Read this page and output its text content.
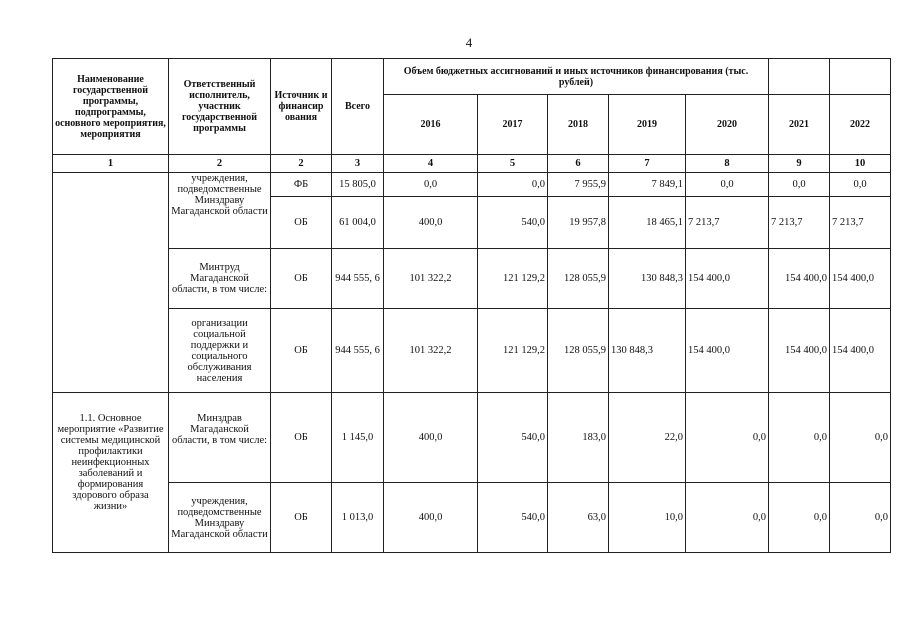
4
Наименование государственной программы, подпрограммы, основного мероприятия, мероприятия	Ответственный исполнитель, участник государственной программы	Источник и финансир ования	Всего	Объем бюджетных ассигнований и иных источников финансирования (тыс. рублей)						
				2016	2017	2018	2019	2020	2021	2022
1	2	2	3	4	5	6	7	8	9	10
	учреждения, подведомственные Минздраву Магаданской области	ФБ	15 805,0	0,0	0,0	7 955,9	7 849,1	0,0	0,0	0,0
		ОБ	61 004,0	400,0	540,0	19 957,8	18 465,1	7 213,7	7 213,7	7 213,7
	Минтруд Магаданской области, в том числе:	ОБ	944 555, 6	101 322,2	121 129,2	128 055,9	130 848,3	154 400,0	154 400,0	154 400,0
	организации социальной поддержки и социального обслуживания населения	ОБ	944 555, 6	101 322,2	121 129,2	128 055,9	130 848,3	154 400,0	154 400,0	154 400,0
1.1. Основное мероприятие «Развитие системы медицинской профилактики неинфекционных заболеваний и формирования здорового образа жизни»	Минздрав Магаданской области, в том числе:	ОБ	1 145,0	400,0	540,0	183,0	22,0	0,0	0,0	0,0
	учреждения, подведомственные Минздраву Магаданской области	ОБ	1 013,0	400,0	540,0	63,0	10,0	0,0	0,0	0,0
